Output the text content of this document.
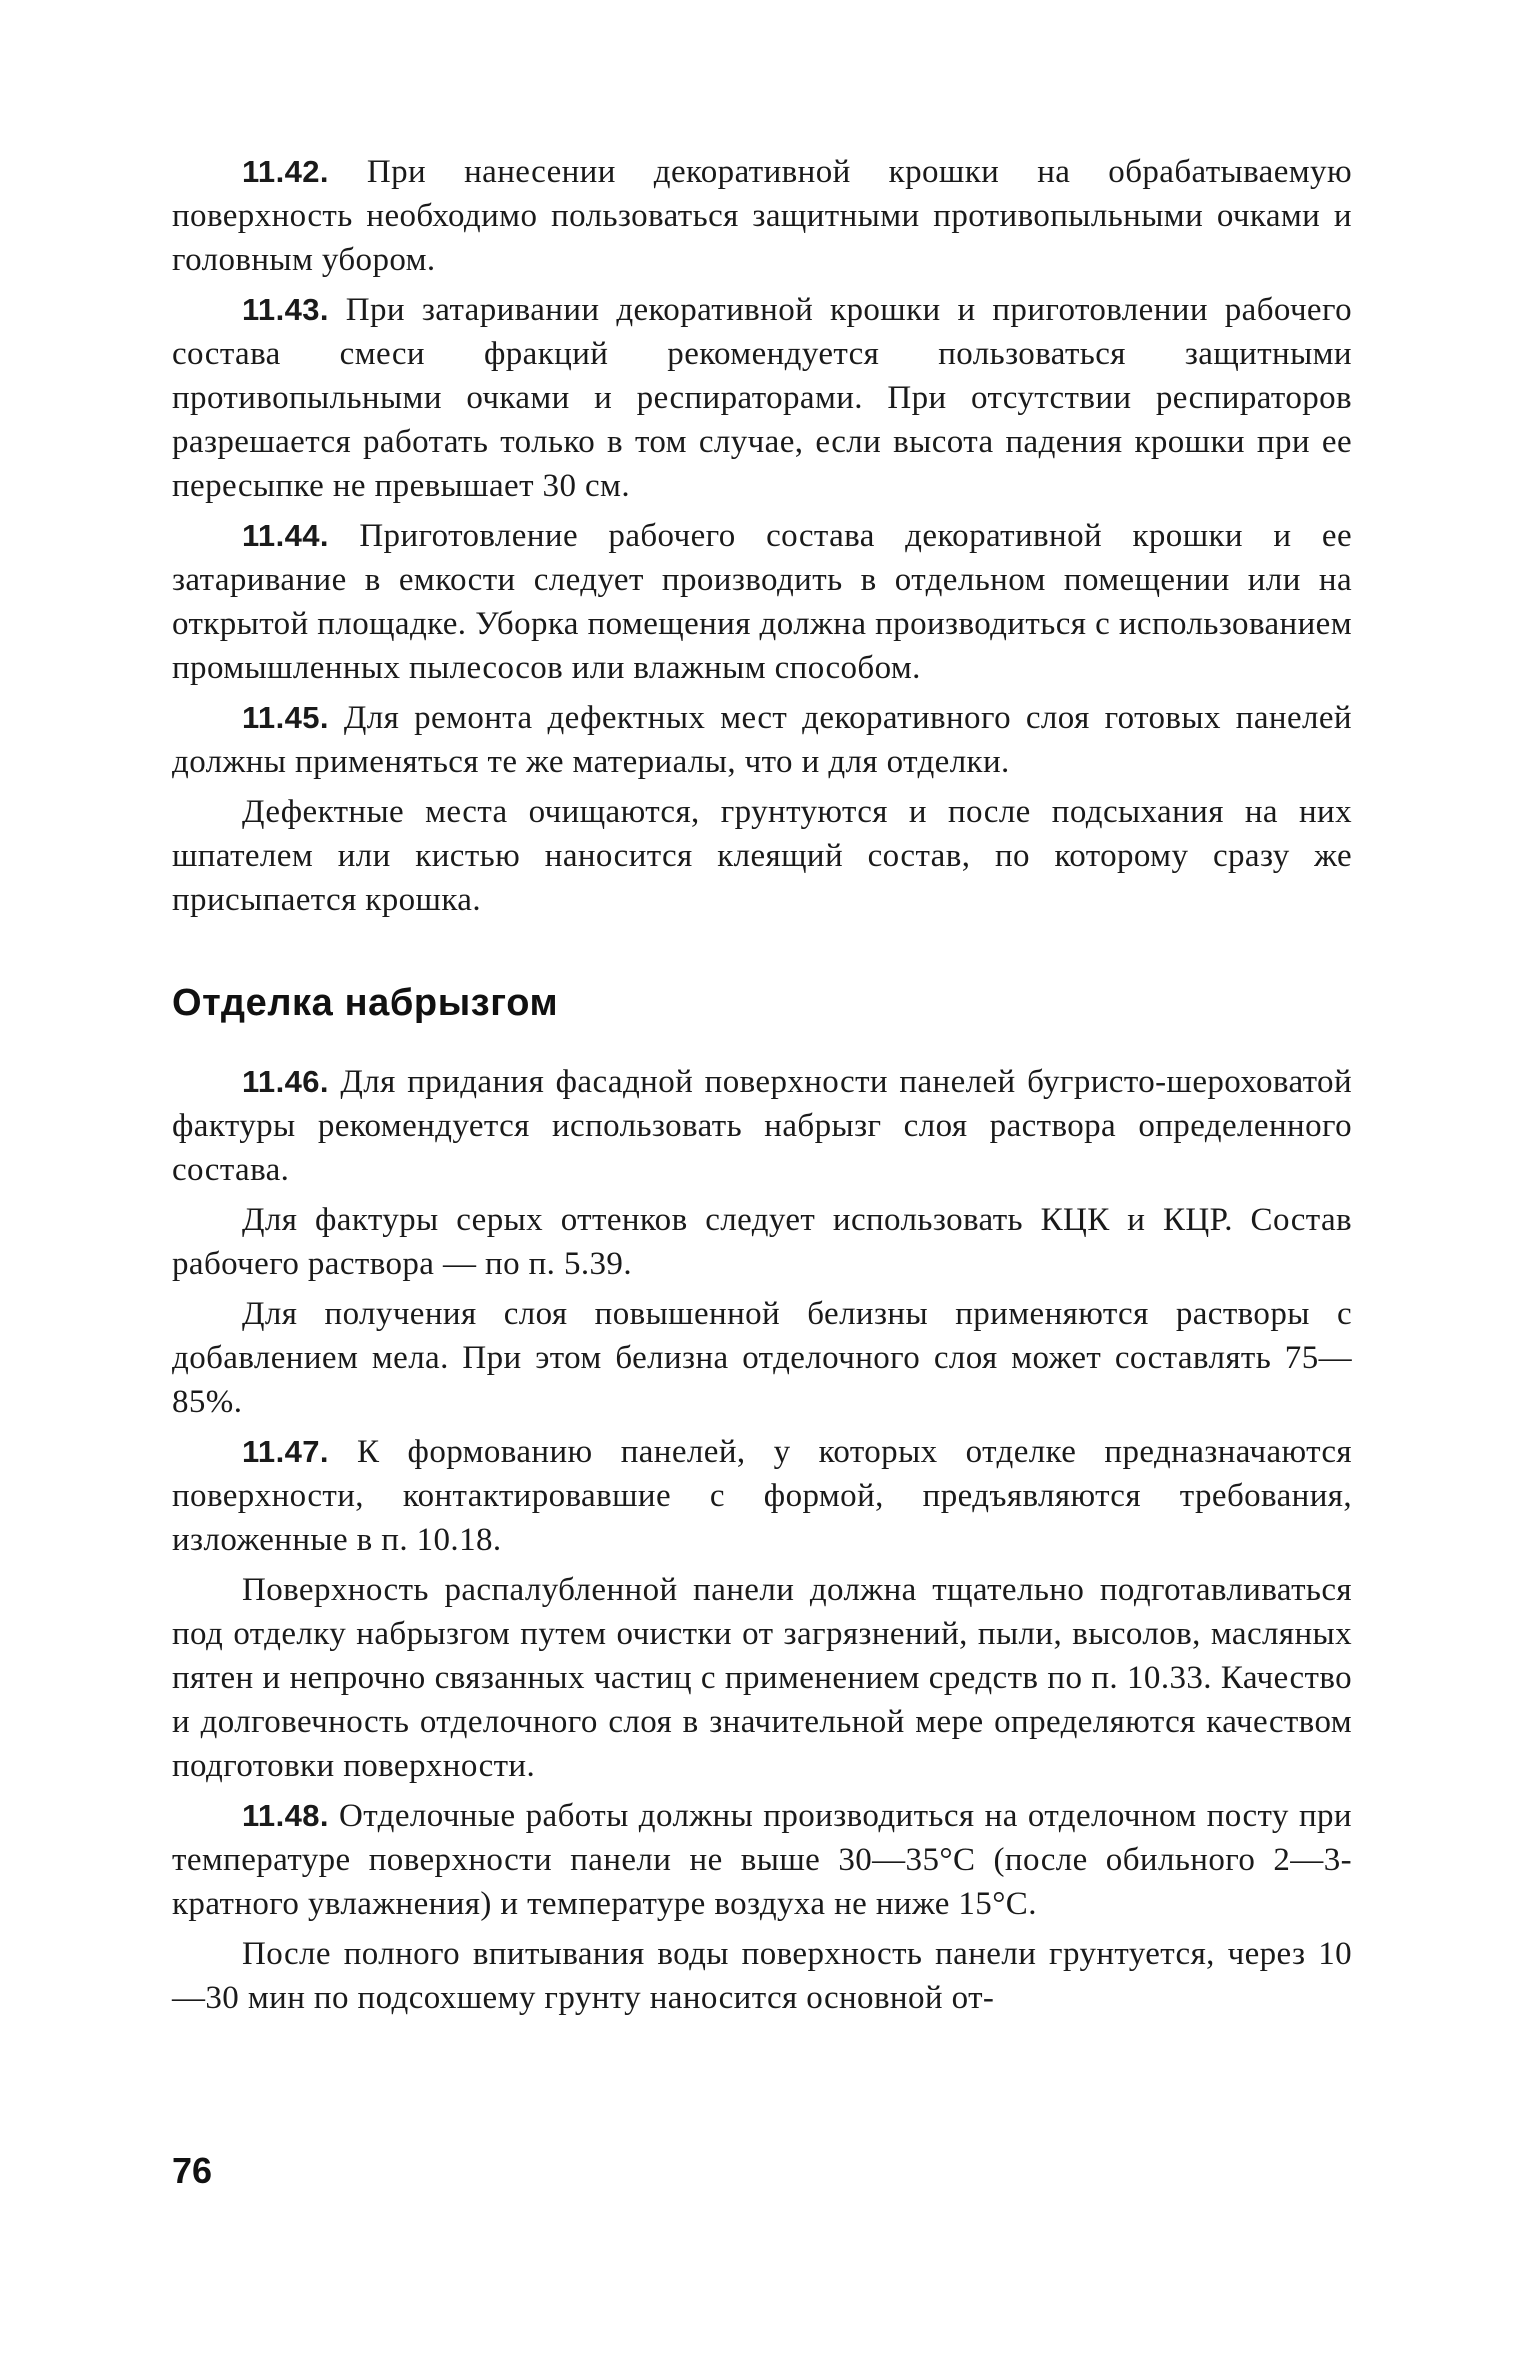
11.42. При нанесении декоративной крошки на обрабатываемую поверхность необходимо пользоваться защитными противопыльными очками и головным убором.

11.43. При затаривании декоративной крошки и приготовлении рабочего состава смеси фракций рекомендуется пользоваться защитными противопыльными очками и респираторами. При отсутствии респираторов разрешается работать только в том случае, если высота падения крошки при ее пересыпке не превышает 30 см.

11.44. Приготовление рабочего состава декоративной крошки и ее затаривание в емкости следует производить в отдельном помещении или на открытой площадке. Уборка помещения должна производиться с использованием промышленных пылесосов или влажным способом.

11.45. Для ремонта дефектных мест декоративного слоя готовых панелей должны применяться те же материалы, что и для отделки.

Дефектные места очищаются, грунтуются и после подсыхания на них шпателем или кистью наносится клеящий состав, по которому сразу же присыпается крошка.

Отделка набрызгом

11.46. Для придания фасадной поверхности панелей бугристо-шероховатой фактуры рекомендуется использовать набрызг слоя раствора определенного состава.

Для фактуры серых оттенков следует использовать КЦК и КЦР. Состав рабочего раствора — по п. 5.39.

Для получения слоя повышенной белизны применяются растворы с добавлением мела. При этом белизна отделочного слоя может составлять 75—85%.

11.47. К формованию панелей, у которых отделке предназначаются поверхности, контактировавшие с формой, предъявляются требования, изложенные в п. 10.18.

Поверхность распалубленной панели должна тщательно подготавливаться под отделку набрызгом путем очистки от загрязнений, пыли, высолов, масляных пятен и непрочно связанных частиц с применением средств по п. 10.33. Качество и долговечность отделочного слоя в значительной мере определяются качеством подготовки поверхности.

11.48. Отделочные работы должны производиться на отделочном посту при температуре поверхности панели не выше 30—35°С (после обильного 2—3-кратного увлажнения) и температуре воздуха не ниже 15°С.

После полного впитывания воды поверхность панели грунтуется, через 10—30 мин по подсохшему грунту наносится основной от-

76
